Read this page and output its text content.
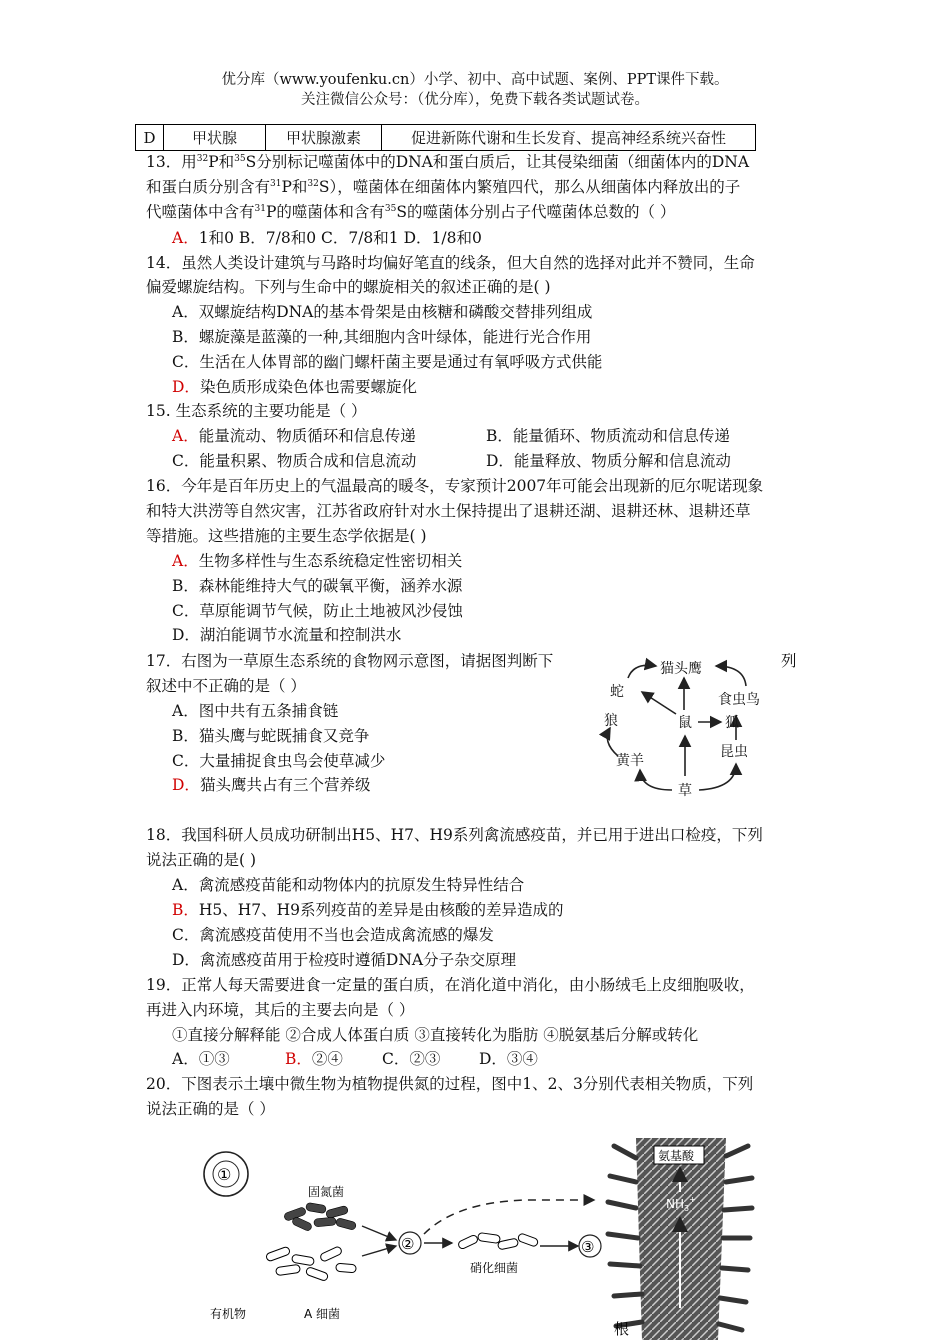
优分库（www.youfenku.cn）小学、初中、高中试题、案例、PPT课件下载。
关注微信公众号：（优分库），免费下载各类试题试卷。
D	甲状腺	甲状腺激素	促进新陈代谢和生长发育、提高神经系统兴奋性
13．用$^{32}$P和$^{35}$S分别标记噬菌体中的DNA和蛋白质后，让其侵染细菌（细菌体内的DNA
和蛋白质分别含有$^{31}$P和$^{32}$S），噬菌体在细菌体内繁殖四代，那么从细菌体内释放出的子
代噬菌体中含有$^{31}$P的噬菌体和含有$^{35}$S的噬菌体分别占子代噬菌体总数的（ ）
A．1和0 B．7/8和0 C．7/8和1 D．1/8和0
14．虽然人类设计建筑与马路时均偏好笔直的线条，但大自然的选择对此并不赞同，生命
偏爱螺旋结构。下列与生命中的螺旋相关的叙述正确的是( )
A．双螺旋结构DNA的基本骨架是由核糖和磷酸交替排列组成
B．螺旋藻是蓝藻的一种,其细胞内含叶绿体，能进行光合作用
C．生活在人体胃部的幽门螺杆菌主要是通过有氧呼吸方式供能
D．染色质形成染色体也需要螺旋化
15. 生态系统的主要功能是（ ）
A．能量流动、物质循环和信息传递	B．能量循环、物质流动和信息传递
C．能量积累、物质合成和信息流动	D．能量释放、物质分解和信息流动
16．今年是百年历史上的气温最高的暖冬，专家预计2007年可能会出现新的厄尔呢诺现象
和特大洪涝等自然灾害，江苏省政府针对水土保持提出了退耕还湖、退耕还林、退耕还草
等措施。这些措施的主要生态学依据是( )
A．生物多样性与生态系统稳定性密切相关
B．森林能维持大气的碳氧平衡，涵养水源
C．草原能调节气候，防止土地被风沙侵蚀
D．湖泊能调节水流量和控制洪水
17．右图为一草原生态系统的食物网示意图，请据图判断下	列
叙述中不正确的是（ ）
A．图中共有五条捕食链
B．猫头鹰与蛇既捕食又竞争
C．大量捕捉食虫鸟会使草减少
D．猫头鹰共占有三个营养级
猫头鹰
蛇	食虫鸟
狼	鼠 狐
黄羊
昆虫
草
18．我国科研人员成功研制出H5、H7、H9系列禽流感疫苗，并已用于进出口检疫，下列
说法正确的是( )
A．禽流感疫苗能和动物体内的抗原发生特异性结合
B．H5、H7、H9系列疫苗的差异是由核酸的差异造成的
C．禽流感疫苗使用不当也会造成禽流感的爆发
D．禽流感疫苗用于检疫时遵循DNA分子杂交原理
19．正常人每天需要进食一定量的蛋白质，在消化道中消化，由小肠绒毛上皮细胞吸收，
再进入内环境，其后的主要去向是（ ）
①直接分解释能 ②合成人体蛋白质 ③直接转化为脂肪 ④脱氨基后分解或转化
A．①③	B．②④	C．②③ D．③④
20．下图表示土壤中微生物为植物提供氮的过程，图中1、2、3分别代表相关物质，下列
说法正确的是（ ）
①
固氮菌
有机物	A 细菌
②
硝化细菌
③
氨基酸
$NH_3^+$
根
